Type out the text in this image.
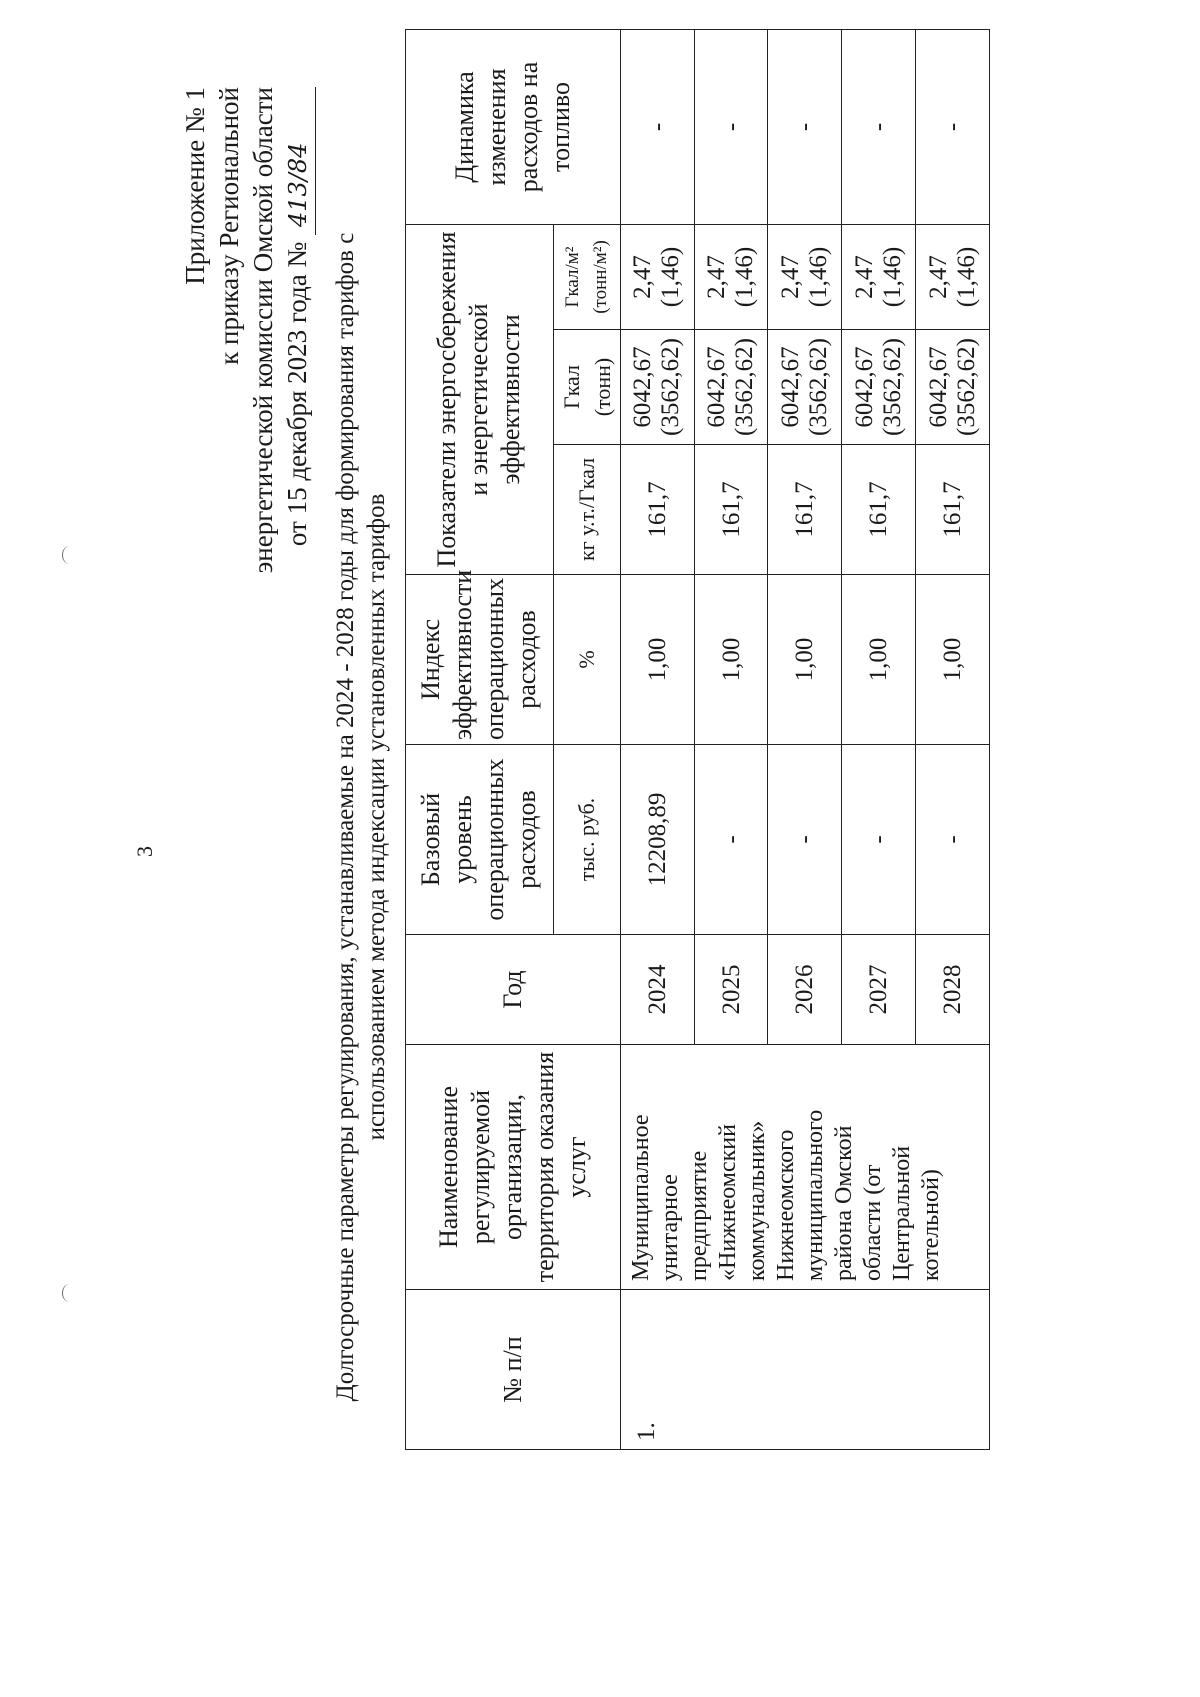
3
Приложение № 1 к приказу Региональной энергетической комиссии Омской области от 15 декабря 2023 года № 413/84
Долгосрочные параметры регулирования, устанавливаемые на 2024 - 2028 годы для формирования тарифов с использованием метода индексации установленных тарифов
№ п/п	Наименование регулируемой организации, территория оказания услуг	Год	Базовый уровень операционных расходов	Индекс эффективности операционных расходов	Показатели энергосбережения и энергетической эффективности			Динамика изменения расходов на топливо
			тыс. руб.	%	кг у.т./Гкал	Гкал (тонн)	Гкал/м² (тонн/м²)	

1.	Муниципальное унитарное предприятие «Нижнеомский коммунальник» Нижнеомского муниципального района Омской области (от Центральной котельной)	2024	12208,89	1,00	161,7	6042,67 (3562,62)	2,47 (1,46)	-
		2025	-	1,00	161,7	6042,67 (3562,62)	2,47 (1,46)	-
		2026	-	1,00	161,7	6042,67 (3562,62)	2,47 (1,46)	-
		2027	-	1,00	161,7	6042,67 (3562,62)	2,47 (1,46)	-
		2028	-	1,00	161,7	6042,67 (3562,62)	2,47 (1,46)	-
